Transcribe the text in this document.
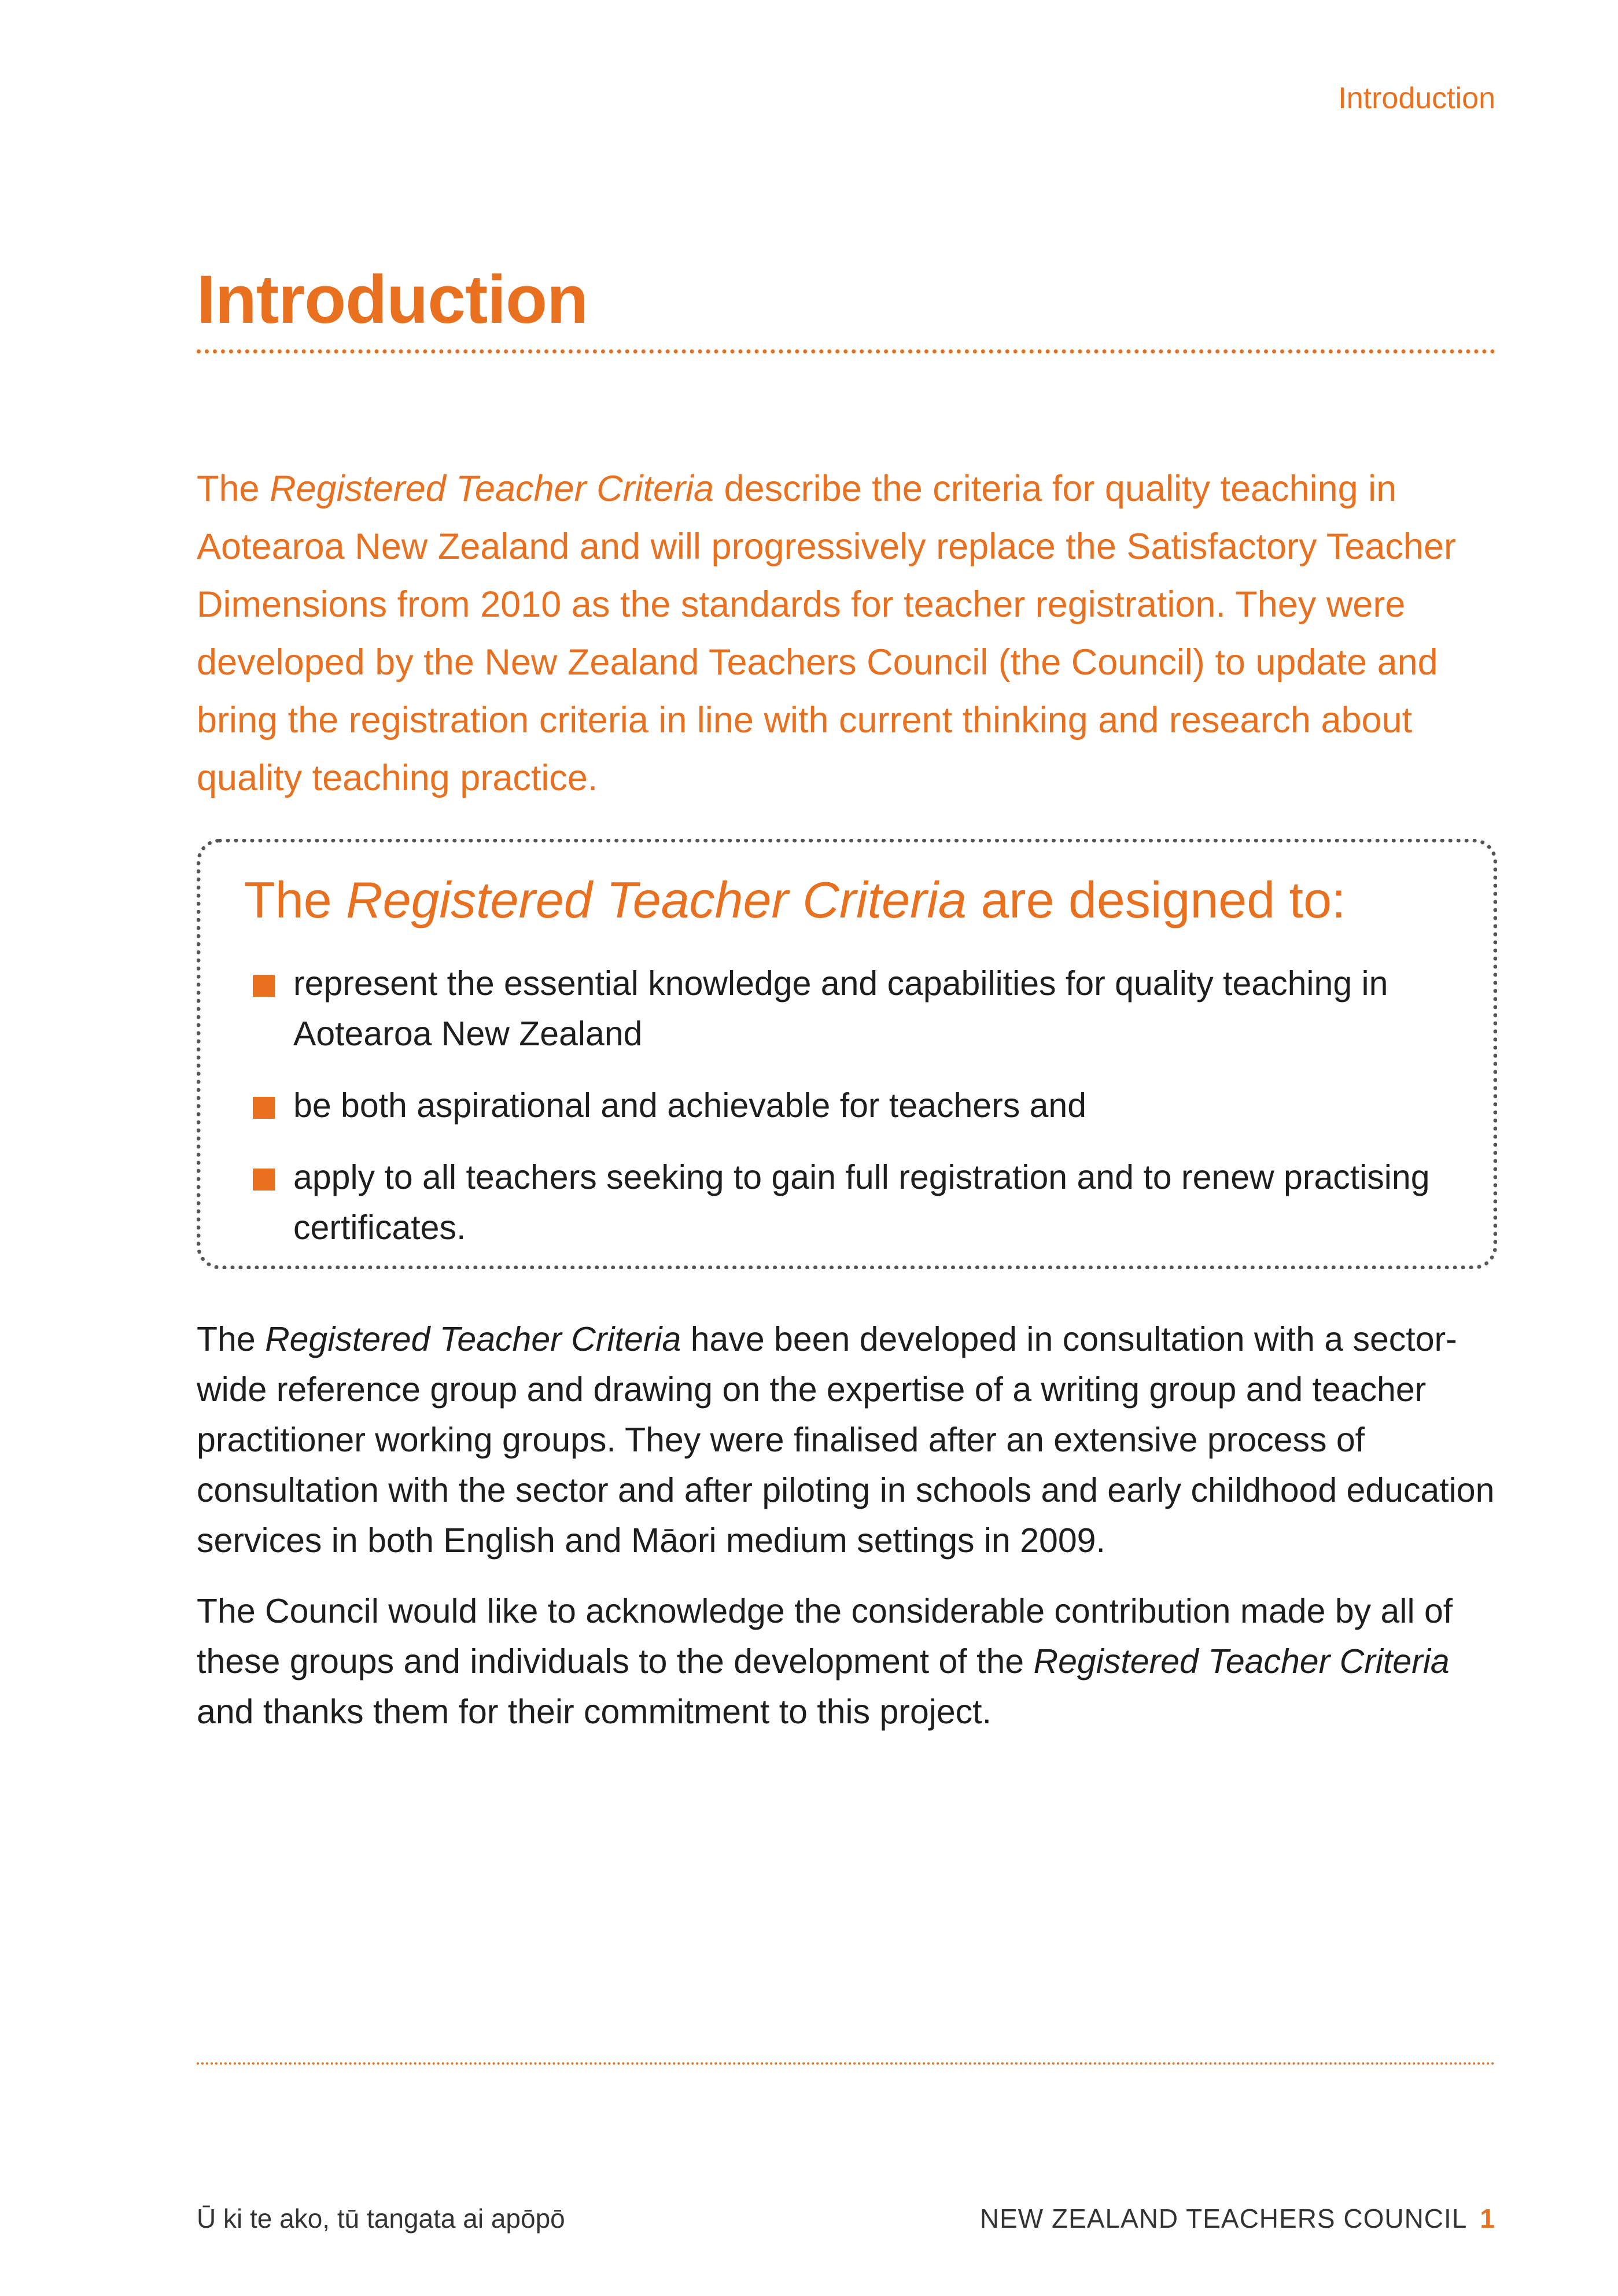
Introduction
Introduction

The Registered Teacher Criteria describe the criteria for quality teaching in Aotearoa New Zealand and will progressively replace the Satisfactory Teacher Dimensions from 2010 as the standards for teacher registration. They were developed by the New Zealand Teachers Council (the Council) to update and bring the registration criteria in line with current thinking and research about quality teaching practice.

The Registered Teacher Criteria are designed to:
represent the essential knowledge and capabilities for quality teaching in Aotearoa New Zealand
be both aspirational and achievable for teachers and
apply to all teachers seeking to gain full registration and to renew practising certificates.

The Registered Teacher Criteria have been developed in consultation with a sector-wide reference group and drawing on the expertise of a writing group and teacher practitioner working groups. They were finalised after an extensive process of consultation with the sector and after piloting in schools and early childhood education services in both English and Māori medium settings in 2009.

The Council would like to acknowledge the considerable contribution made by all of these groups and individuals to the development of the Registered Teacher Criteria and thanks them for their commitment to this project.

Ū ki te ako, tū tangata ai apōpō	NEW ZEALAND TEACHERS COUNCIL 1
